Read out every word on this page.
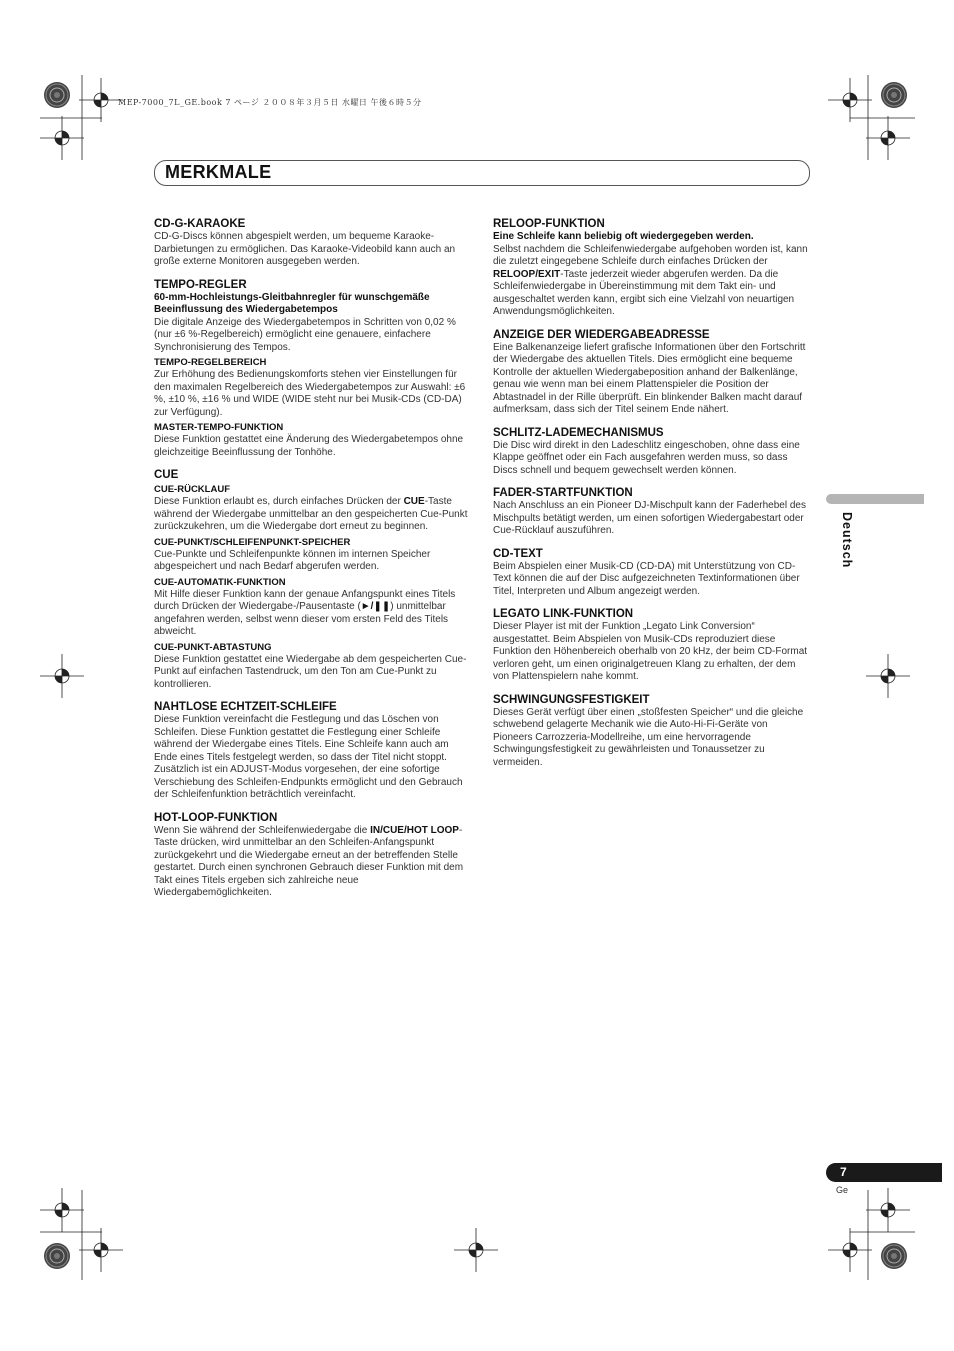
MEP-7000_7L_GE.book 7 ページ ２００８年３月５日 水曜日 午後６時５分
MERKMALE
CD-G-KARAOKE

CD-G-Discs können abgespielt werden, um bequeme Karaoke-Darbietungen zu ermöglichen. Das Karaoke-Videobild kann auch an große externe Monitoren ausgegeben werden.

TEMPO-REGLER
60-mm-Hochleistungs-Gleitbahnregler für wunschgemäße Beeinflussung des Wiedergabetempos

Die digitale Anzeige des Wiedergabetempos in Schritten von 0,02 % (nur ±6 %-Regelbereich) ermöglicht eine genauere, einfachere Synchronisierung des Tempos.

TEMPO-REGELBEREICH

Zur Erhöhung des Bedienungskomforts stehen vier Einstellungen für den maximalen Regelbereich des Wiedergabetempos zur Auswahl: ±6 %, ±10 %, ±16 % und WIDE (WIDE steht nur bei Musik-CDs (CD-DA) zur Verfügung).

MASTER-TEMPO-FUNKTION

Diese Funktion gestattet eine Änderung des Wiedergabetempos ohne gleichzeitige Beeinflussung der Tonhöhe.

CUE
CUE-RÜCKLAUF

Diese Funktion erlaubt es, durch einfaches Drücken der CUE-Taste während der Wiedergabe unmittelbar an den gespeicherten Cue-Punkt zurückzukehren, um die Wiedergabe dort erneut zu beginnen.

CUE-PUNKT/SCHLEIFENPUNKT-SPEICHER

Cue-Punkte und Schleifenpunkte können im internen Speicher abgespeichert und nach Bedarf abgerufen werden.

CUE-AUTOMATIK-FUNKTION

Mit Hilfe dieser Funktion kann der genaue Anfangspunkt eines Titels durch Drücken der Wiedergabe-/Pausentaste (►/❚❚) unmittelbar angefahren werden, selbst wenn dieser vom ersten Feld des Titels abweicht.

CUE-PUNKT-ABTASTUNG

Diese Funktion gestattet eine Wiedergabe ab dem gespeicherten Cue-Punkt auf einfachen Tastendruck, um den Ton am Cue-Punkt zu kontrollieren.

NAHTLOSE ECHTZEIT-SCHLEIFE

Diese Funktion vereinfacht die Festlegung und das Löschen von Schleifen. Diese Funktion gestattet die Festlegung einer Schleife während der Wiedergabe eines Titels. Eine Schleife kann auch am Ende eines Titels festgelegt werden, so dass der Titel nicht stoppt. Zusätzlich ist ein ADJUST-Modus vorgesehen, der eine sofortige Verschiebung des Schleifen-Endpunkts ermöglicht und den Gebrauch der Schleifenfunktion beträchtlich vereinfacht.

HOT-LOOP-FUNKTION

Wenn Sie während der Schleifenwiedergabe die IN/CUE/HOT LOOP-Taste drücken, wird unmittelbar an den Schleifen-Anfangspunkt zurückgekehrt und die Wiedergabe erneut an der betreffenden Stelle gestartet. Durch einen synchronen Gebrauch dieser Funktion mit dem Takt eines Titels ergeben sich zahlreiche neue Wiedergabemöglichkeiten.

RELOOP-FUNKTION
Eine Schleife kann beliebig oft wiedergegeben werden.

Selbst nachdem die Schleifenwiedergabe aufgehoben worden ist, kann die zuletzt eingegebene Schleife durch einfaches Drücken der RELOOP/EXIT-Taste jederzeit wieder abgerufen werden. Da die Schleifenwiedergabe in Übereinstimmung mit dem Takt ein- und ausgeschaltet werden kann, ergibt sich eine Vielzahl von neuartigen Anwendungsmöglichkeiten.

ANZEIGE DER WIEDERGABEADRESSE

Eine Balkenanzeige liefert grafische Informationen über den Fortschritt der Wiedergabe des aktuellen Titels. Dies ermöglicht eine bequeme Kontrolle der aktuellen Wiedergabeposition anhand der Balkenlänge, genau wie wenn man bei einem Plattenspieler die Position der Abtastnadel in der Rille überprüft. Ein blinkender Balken macht darauf aufmerksam, dass sich der Titel seinem Ende nähert.

SCHLITZ-LADEMECHANISMUS

Die Disc wird direkt in den Ladeschlitz eingeschoben, ohne dass eine Klappe geöffnet oder ein Fach ausgefahren werden muss, so dass Discs schnell und bequem gewechselt werden können.

FADER-STARTFUNKTION

Nach Anschluss an ein Pioneer DJ-Mischpult kann der Faderhebel des Mischpults betätigt werden, um einen sofortigen Wiedergabestart oder Cue-Rücklauf auszuführen.

CD-TEXT

Beim Abspielen einer Musik-CD (CD-DA) mit Unterstützung von CD-Text können die auf der Disc aufgezeichneten Textinformationen über Titel, Interpreten und Album angezeigt werden.

LEGATO LINK-FUNKTION

Dieser Player ist mit der Funktion „Legato Link Conversion“ ausgestattet. Beim Abspielen von Musik-CDs reproduziert diese Funktion den Höhenbereich oberhalb von 20 kHz, der beim CD-Format verloren geht, um einen originalgetreuen Klang zu erhalten, der dem von Plattenspielern nahe kommt.

SCHWINGUNGSFESTIGKEIT

Dieses Gerät verfügt über einen „stoßfesten Speicher“ und die gleiche schwebend gelagerte Mechanik wie die Auto-Hi-Fi-Geräte von Pioneers Carrozzeria-Modellreihe, um eine hervorragende Schwingungsfestigkeit zu gewährleisten und Tonaussetzer zu vermeiden.

Deutsch
7
Ge
